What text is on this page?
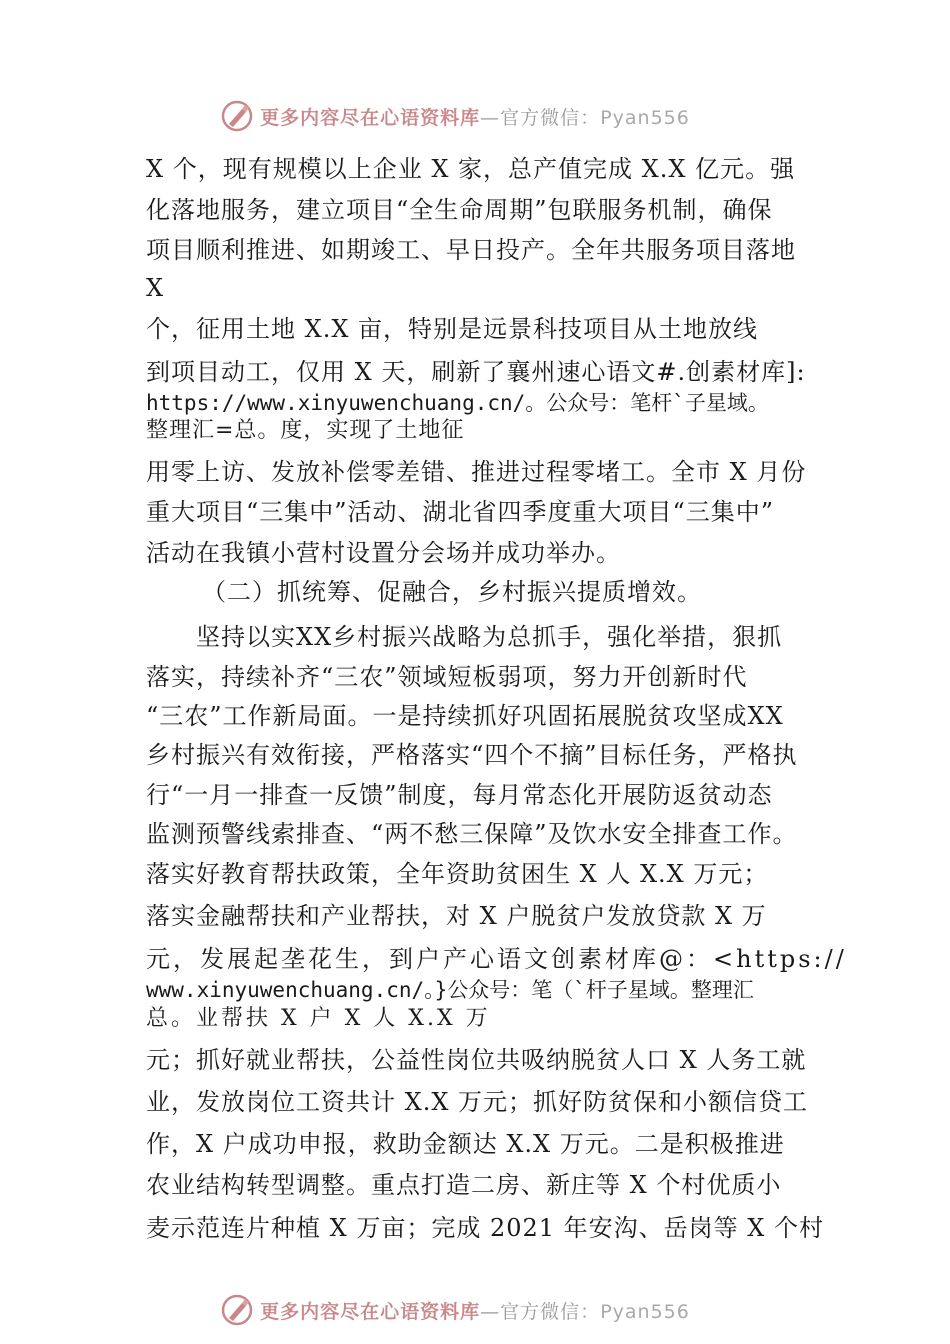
更多内容尽在心语资料库—官方微信：Pyan556
X 个，现有规模以上企业 X 家，总产值完成 X.X 亿元。强
化落地服务，建立项目“全生命周期”包联服务机制，确保
项目顺利推进、如期竣工、早日投产。全年共服务项目落地
X
个，征用土地 X.X 亩，特别是远景科技项目从土地放线
到项目动工，仅用 X 天，刷新了襄州速心语文#.创素材库]:
https://www.xinyuwenchuang.cn/。公众号：笔杆`子星域。
整理汇=总。度，实现了土地征
用零上访、发放补偿零差错、推进过程零堵工。全市 X 月份
重大项目“三集中”活动、湖北省四季度重大项目“三集中”
活动在我镇小营村设置分会场并成功举办。
（二）抓统筹、促融合，乡村振兴提质增效。
坚持以实XX乡村振兴战略为总抓手，强化举措，狠抓
落实，持续补齐“三农”领域短板弱项，努力开创新时代
“三农”工作新局面。一是持续抓好巩固拓展脱贫攻坚成XX
乡村振兴有效衔接，严格落实“四个不摘”目标任务，严格执
行“一月一排查一反馈”制度，每月常态化开展防返贫动态
监测预警线索排查、“两不愁三保障”及饮水安全排查工作。
落实好教育帮扶政策，全年资助贫困生 X 人 X.X 万元；
落实金融帮扶和产业帮扶，对 X 户脱贫户发放贷款 X 万
元，发展起垄花生，到户产心语文创素材库@：<https://
www.xinyuwenchuang.cn/。}公众号：笔（`杆子星域。整理汇
总。业帮扶 X 户 X 人 X.X 万
元；抓好就业帮扶，公益性岗位共吸纳脱贫人口 X 人务工就
业，发放岗位工资共计 X.X 万元；抓好防贫保和小额信贷工
作，X 户成功申报，救助金额达 X.X 万元。二是积极推进
农业结构转型调整。重点打造二房、新庄等 X 个村优质小
麦示范连片种植 X 万亩；完成 2021 年安沟、岳岗等 X 个村
更多内容尽在心语资料库—官方微信：Pyan556
